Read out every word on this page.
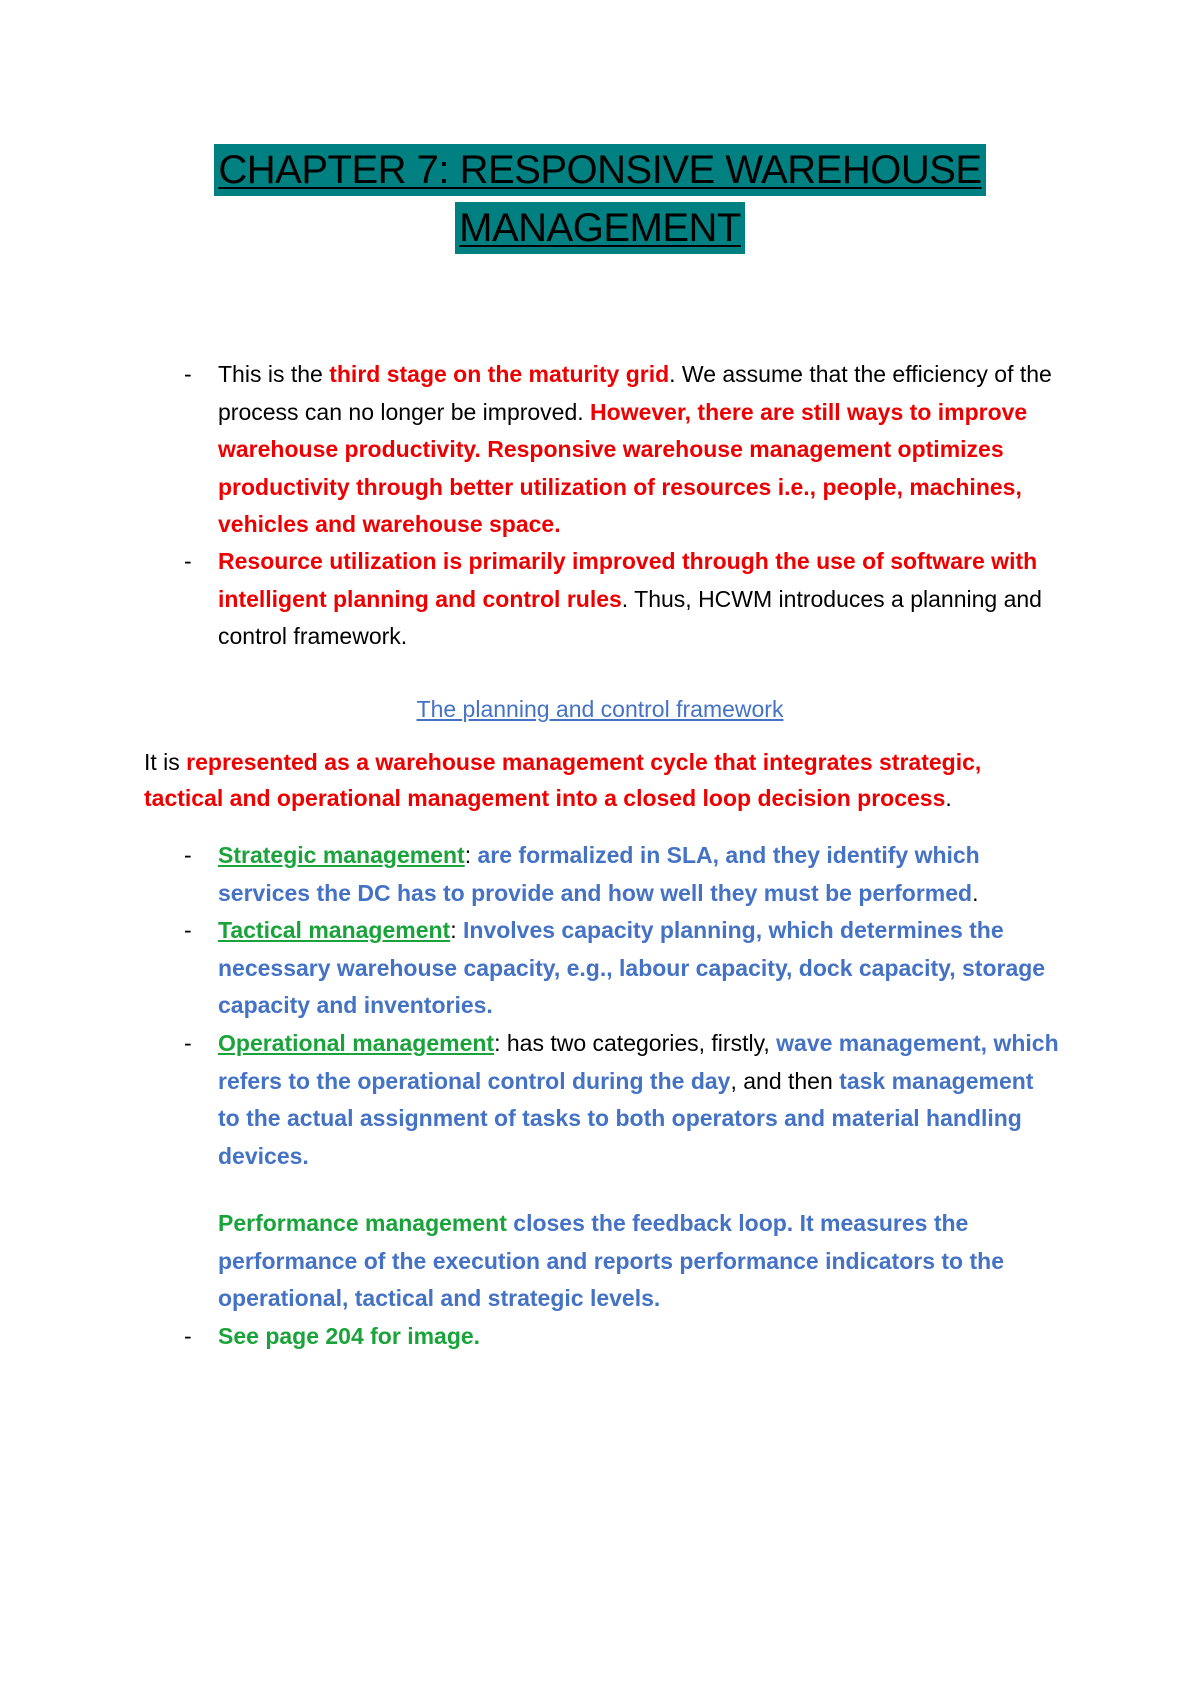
CHAPTER 7: RESPONSIVE WAREHOUSE
MANAGEMENT
- This is the third stage on the maturity grid. We assume that the efficiency of the process can no longer be improved. However, there are still ways to improve warehouse productivity. Responsive warehouse management optimizes productivity through better utilization of resources i.e., people, machines, vehicles and warehouse space.
- Resource utilization is primarily improved through the use of software with intelligent planning and control rules. Thus, HCWM introduces a planning and control framework.
The planning and control framework
It is represented as a warehouse management cycle that integrates strategic, tactical and operational management into a closed loop decision process.
- Strategic management: are formalized in SLA, and they identify which services the DC has to provide and how well they must be performed.
- Tactical management: Involves capacity planning, which determines the necessary warehouse capacity, e.g., labour capacity, dock capacity, storage capacity and inventories.
- Operational management: has two categories, firstly, wave management, which refers to the operational control during the day, and then task management to the actual assignment of tasks to both operators and material handling devices.
Performance management closes the feedback loop. It measures the performance of the execution and reports performance indicators to the operational, tactical and strategic levels.
- See page 204 for image.
